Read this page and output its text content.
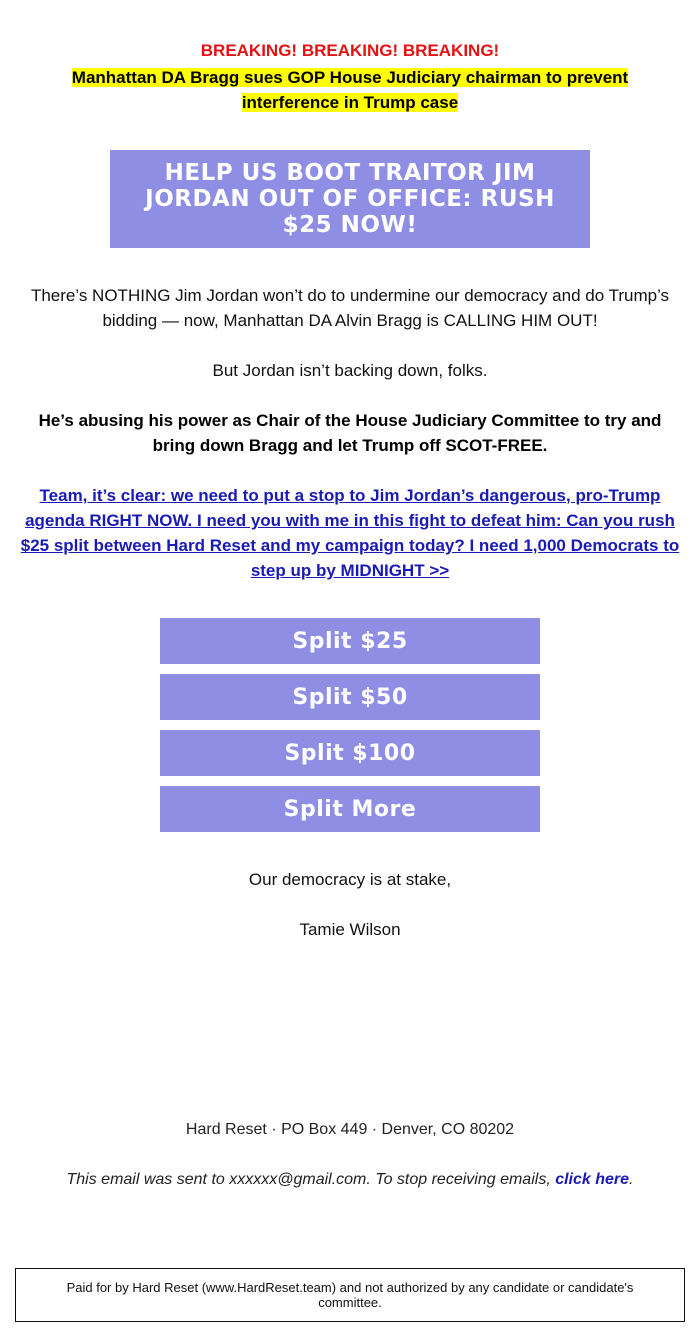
BREAKING! BREAKING! BREAKING!
Manhattan DA Bragg sues GOP House Judiciary chairman to prevent interference in Trump case
HELP US BOOT TRAITOR JIM JORDAN OUT OF OFFICE: RUSH $25 NOW!
There’s NOTHING Jim Jordan won’t do to undermine our democracy and do Trump’s bidding — now, Manhattan DA Alvin Bragg is CALLING HIM OUT!
But Jordan isn’t backing down, folks.
He’s abusing his power as Chair of the House Judiciary Committee to try and bring down Bragg and let Trump off SCOT-FREE.
Team, it’s clear: we need to put a stop to Jim Jordan’s dangerous, pro-Trump agenda RIGHT NOW. I need you with me in this fight to defeat him: Can you rush $25 split between Hard Reset and my campaign today? I need 1,000 Democrats to step up by MIDNIGHT >>
Split $25
Split $50
Split $100
Split More
Our democracy is at stake,
Tamie Wilson
Hard Reset · PO Box 449 · Denver, CO 80202
This email was sent to xxxxxx@gmail.com. To stop receiving emails, click here.
Paid for by Hard Reset (www.HardReset.team) and not authorized by any candidate or candidate's committee.
